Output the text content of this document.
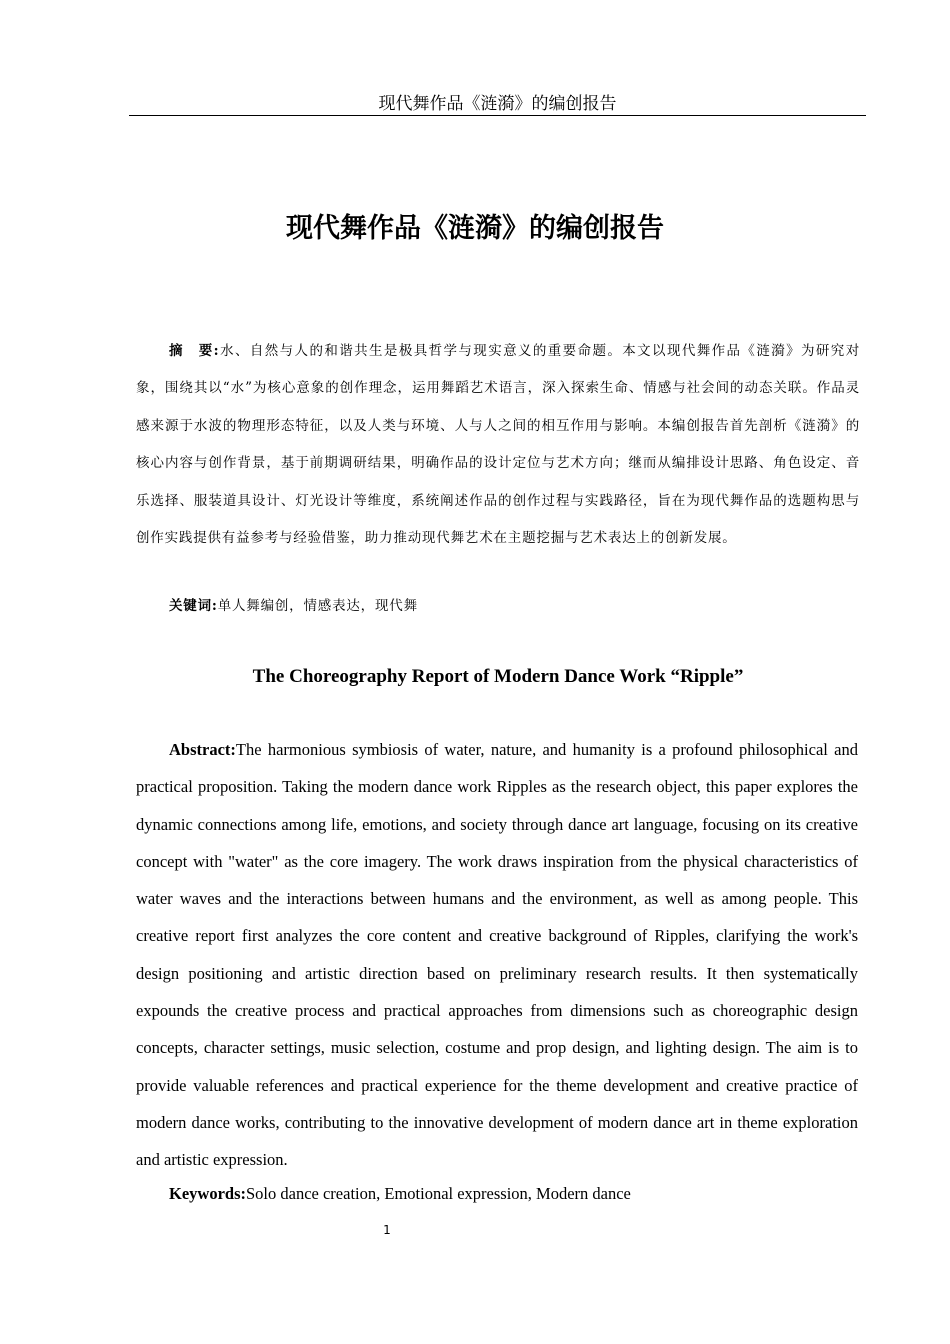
现代舞作品《涟漪》的编创报告
现代舞作品《涟漪》的编创报告

摘　要:水、自然与人的和谐共生是极具哲学与现实意义的重要命题。本文以现代舞作品《涟漪》为研究对象，围绕其以“水”为核心意象的创作理念，运用舞蹈艺术语言，深入探索生命、情感与社会间的动态关联。作品灵感来源于水波的物理形态特征，以及人类与环境、人与人之间的相互作用与影响。本编创报告首先剖析《涟漪》的核心内容与创作背景，基于前期调研结果，明确作品的设计定位与艺术方向；继而从编排设计思路、角色设定、音乐选择、服装道具设计、灯光设计等维度，系统阐述作品的创作过程与实践路径，旨在为现代舞作品的选题构思与创作实践提供有益参考与经验借鉴，助力推动现代舞艺术在主题挖掘与艺术表达上的创新发展。

关键词:单人舞编创，情感表达，现代舞

The Choreography Report of Modern Dance Work “Ripple”

Abstract:The harmonious symbiosis of water, nature, and humanity is a profound philosophical and practical proposition. Taking the modern dance work Ripples as the research object, this paper explores the dynamic connections among life, emotions, and society through dance art language, focusing on its creative concept with "water" as the core imagery. The work draws inspiration from the physical characteristics of water waves and the interactions between humans and the environment, as well as among people. This creative report first analyzes the core content and creative background of Ripples, clarifying the work's design positioning and artistic direction based on preliminary research results. It then systematically expounds the creative process and practical approaches from dimensions such as choreographic design concepts, character settings, music selection, costume and prop design, and lighting design. The aim is to provide valuable references and practical experience for the theme development and creative practice of modern dance works, contributing to the innovative development of modern dance art in theme exploration and artistic expression.

Keywords:Solo dance creation, Emotional expression, Modern dance

1
